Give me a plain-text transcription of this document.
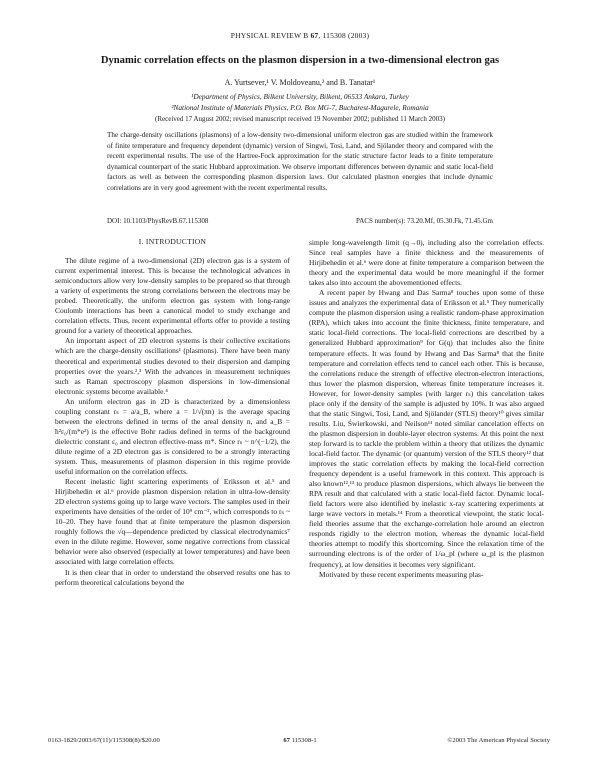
PHYSICAL REVIEW B 67, 115308 (2003)
Dynamic correlation effects on the plasmon dispersion in a two-dimensional electron gas
A. Yurtsever,¹ V. Moldoveanu,² and B. Tanatar¹
¹Department of Physics, Bilkent University, Bilkent, 06533 Ankara, Turkey
²National Institute of Materials Physics, P.O. Box MG-7, Bucharest-Magurele, Romania
(Received 17 August 2002; revised manuscript received 19 November 2002; published 11 March 2003)
The charge-density oscillations (plasmons) of a low-density two-dimensional uniform electron gas are studied within the framework of finite temperature and frequency dependent (dynamic) version of Singwi, Tosi, Land, and Sjölander theory and compared with the recent experimental results. The use of the Hartree-Fock approximation for the static structure factor leads to a finite temperature dynamical counterpart of the static Hubbard approximation. We observe important differences between dynamic and static local-field factors as well as between the corresponding plasmon dispersion laws. Our calculated plasmon energies that include dynamic correlations are in very good agreement with the recent experimental results.
DOI: 10.1103/PhysRevB.67.115308	PACS number(s): 73.20.Mf, 05.30.Fk, 71.45.Gm
I. INTRODUCTION

The dilute regime of a two-dimensional (2D) electron gas is a system of current experimental interest. This is because the technological advances in semiconductors allow very low-density samples to be prepared so that through a variety of experiments the strong correlations between the electrons may be probed. Theoretically, the uniform electron gas system with long-range Coulomb interactions has been a canonical model to study exchange and correlation effects. Thus, recent experimental efforts offer to provide a testing ground for a variety of theoretical approaches.

An important aspect of 2D electron systems is their collective excitations which are the charge-density oscillations¹ (plasmons). There have been many theoretical and experimental studies devoted to their dispersion and damping properties over the years.²,³ With the advances in measurement techniques such as Raman spectroscopy plasmon dispersions in low-dimensional electronic systems become available.⁴

An uniform electron gas in 2D is characterized by a dimensionless coupling constant rₛ = a/a_B, where a = 1/√(πn) is the average spacing between the electrons defined in terms of the areal density n, and a_B = ħ²ε₀/(m*e²) is the effective Bohr radius defined in terms of the background dielectric constant ε₀ and electron effective-mass m*. Since rₛ ~ n^(−1/2), the dilute regime of a 2D electron gas is considered to be a strongly interacting system. Thus, measurements of plasmon dispersion in this regime provide useful information on the correlation effects.

Recent inelastic light scattering experiments of Eriksson et al.⁵ and Hirjibehedin et al.⁶ provide plasmon dispersion relation in ultra-low-density 2D electron systems going up to large wave vectors. The samples used in their experiments have densities of the order of 10⁹ cm⁻², which corresponds to rₛ ~ 10–20. They have found that at finite temperature the plasmon dispersion roughly follows the √q—dependence predicted by classical electrodynamics⁷ even in the dilute regime. However, some negative corrections from classical behavior were also observed (especially at lower temperatures) and have been associated with large correlation effects.

It is then clear that in order to understand the observed results one has to perform theoretical calculations beyond the

simple long-wavelength limit (q→0), including also the correlation effects. Since real samples have a finite thickness and the measurements of Hirjibehedin et al.⁶ were done at finite temperature a comparison between the theory and the experimental data would be more meaningful if the former takes also into account the abovementioned effects.

A recent paper by Hwang and Das Sarma⁸ touches upon some of these issues and analyzes the experimental data of Eriksson et al.⁵ They numerically compute the plasmon dispersion using a realistic random-phase approximation (RPA), which takes into account the finite thickness, finite temperature, and static local-field corrections. The local-field corrections are described by a generalized Hubbard approximation⁹ for G(q) that includes also the finite temperature effects. It was found by Hwang and Das Sarma⁸ that the finite temperature and correlation effects tend to cancel each other. This is because, the correlations reduce the strength of effective electron-electron interactions, thus lower the plasmon dispersion, whereas finite temperature increases it. However, for lower-density samples (with larger rₛ) this cancelation takes place only if the density of the sample is adjusted by 10%. It was also argued that the static Singwi, Tosi, Land, and Sjölander (STLS) theory¹⁰ gives similar results. Liu, Świerkowski, and Neilson¹¹ noted similar cancelation effects on the plasmon dispersion in double-layer electron systems. At this point the next step forward is to tackle the problem within a theory that utilizes the dynamic local-field factor. The dynamic (or quantum) version of the STLS theory¹² that improves the static correlation effects by making the local-field correction frequency dependent is a useful framework in this context. This approach is also known¹²,¹³ to produce plasmon dispersions, which always lie between the RPA result and that calculated with a static local-field factor. Dynamic local-field factors were also identified by inelastic x-ray scattering experiments at large wave vectors in metals.¹⁴ From a theoretical viewpoint, the static local-field theories assume that the exchange-correlation hole around an electron responds rigidly to the electron motion, whereas the dynamic local-field theories attempt to modify this shortcoming. Since the relaxation time of the surrounding electrons is of the order of 1/ω_pl (where ω_pl is the plasmon frequency), at low densities it becomes very significant.

Motivated by these recent experiments measuring plas-

0163-1829/2003/67(11)/115308(8)/$20.00	67 115308-1	©2003 The American Physical Society
